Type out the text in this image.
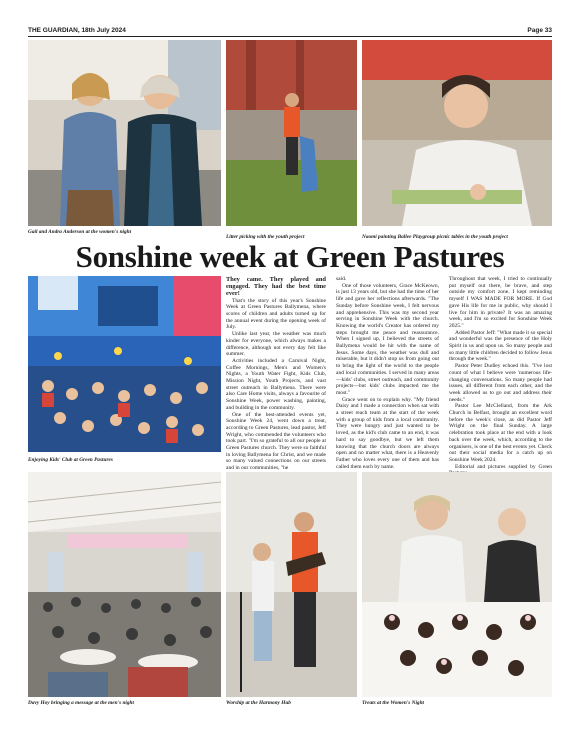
THE GUARDIAN, 18th July 2024	Page 33
Gail and Andra Anderson at the women's night
Litter picking with the youth project	Naomi painting Ballee Playgroup picnic tables in the youth project
Sonshine week at Green Pastures
Enjoying Kids' Club at Green Pastures

They came. They played and engaged. They had the best time ever!

That's the story of this year's Sonshine Week at Green Pastures Ballymena, where scores of children and adults turned up for the annual event during the opening week of July.

Unlike last year, the weather was much kinder for everyone, which always makes a difference, although not every day felt like summer.

Activities included a Carnival Night, Coffee Mornings, Men's and Women's Nights, a Youth Water Fight, Kids Club, Mission Night, Youth Projects, and vast street outreach in Ballymena. There were also Care Home visits, always a favourite of Sonshine Week, power washing, painting, and building in the community.

One of the best-attended events yet, Sonshine Week 24, went down a treat, according to Green Pastures, lead pastor, Jeff Wright, who commended the volunteers who took part. "I'm so grateful to all our people at Green Pastures church. They were so faithful in loving Ballymena for Christ, and we made so many valued connections on our streets and in our communities, "he

said.

One of those volunteers, Grace McKeown, is just 13 years old, but she had the time of her life and gave her reflections afterwards. "The Sunday before Sonshine week, I felt nervous and apprehensive. This was my second year serving in Sonshine Week with the church. Knowing the world's Creator has ordered my steps brought me peace and reassurance. When I signed up, I believed the streets of Ballymena would be hit with the name of Jesus. Some days, the weather was dull and miserable, but it didn't stop us from going out to bring the light of the world to the people and local communities. I served in many areas—kids' clubs, street outreach, and community projects—but kids' clubs impacted me the most."

Grace went on to explain why. "My friend Daisy and I made a connection when sat with a street reach team at the start of the week with a group of kids from a local community. They were hungry and just wanted to be loved, as the kid's club came to an end, it was hard to say goodbye, but we left them knowing that the church doors are always open and no matter what, there is a Heavenly Father who loves every one of them and has called them each by name.

Throughout that week, I tried to continually put myself out there, be brave, and step outside my comfort zone. I kept reminding myself I WAS MADE FOR MORE. If God gave His life for me in public, why should I live for him in private? It was an amazing week, and I'm so excited for Sonshine Week 2025."

Added Pastor Jeff: "What made it so special and wonderful was the presence of the Holy Spirit in us and upon us. So many people and so many little children decided to follow Jesus through the week."

Pastor Peter Dudley echoed this. "I've lost count of what I believe were 'numerous life-changing conversations. So many people had issues, all different from each other, and the week allowed us to go out and address their needs."

Pastor Lee McClelland, from the Ark Church in Belfast, brought an excellent word before the week's close, as did Pastor Jeff Wright on the final Sunday. A large celebration took place at the end with a look back over the week, which, according to the organisers, is one of the best events yet. Check out their social media for a catch up on Sonshine Week 2024.

Editorial and pictures supplied by Green

Davy Hoy bringing a message at the men's night	Worship at the Harmony Hub	Treats at the Women's Night
